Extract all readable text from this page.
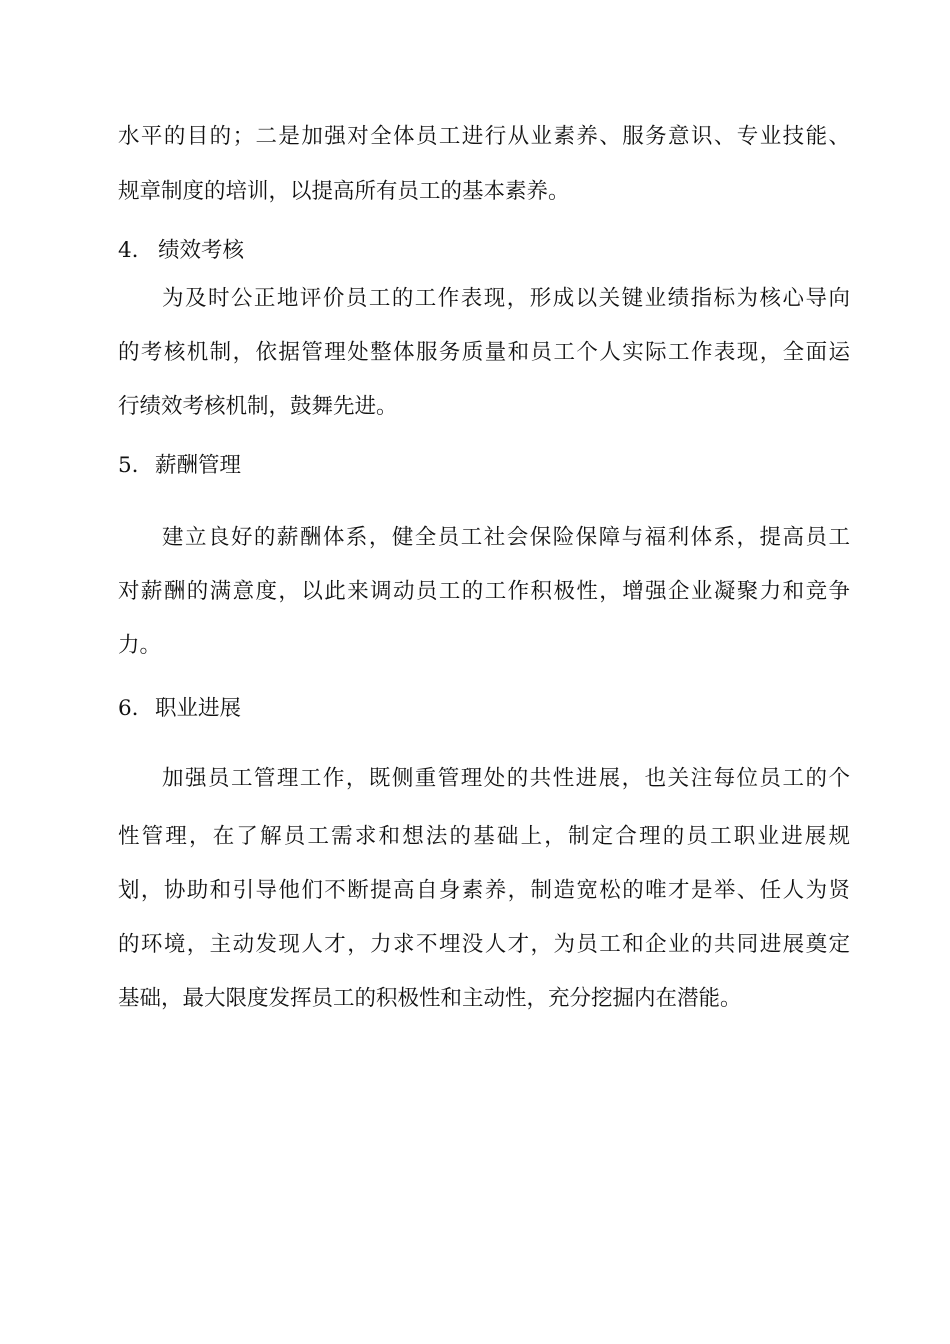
水平的目的；二是加强对全体员工进行从业素养、服务意识、专业技能、
规章制度的培训，以提高所有员工的基本素养。
4. 绩效考核
为及时公正地评价员工的工作表现，形成以关键业绩指标为核心导向
的考核机制，依据管理处整体服务质量和员工个人实际工作表现，全面运
行绩效考核机制，鼓舞先进。
5. 薪酬管理
建立良好的薪酬体系，健全员工社会保险保障与福利体系，提高员工
对薪酬的满意度，以此来调动员工的工作积极性，增强企业凝聚力和竞争
力。
6. 职业进展
加强员工管理工作，既侧重管理处的共性进展，也关注每位员工的个
性管理，在了解员工需求和想法的基础上，制定合理的员工职业进展规
划，协助和引导他们不断提高自身素养，制造宽松的唯才是举、任人为贤
的环境，主动发现人才，力求不埋没人才，为员工和企业的共同进展奠定
基础，最大限度发挥员工的积极性和主动性，充分挖掘内在潜能。
